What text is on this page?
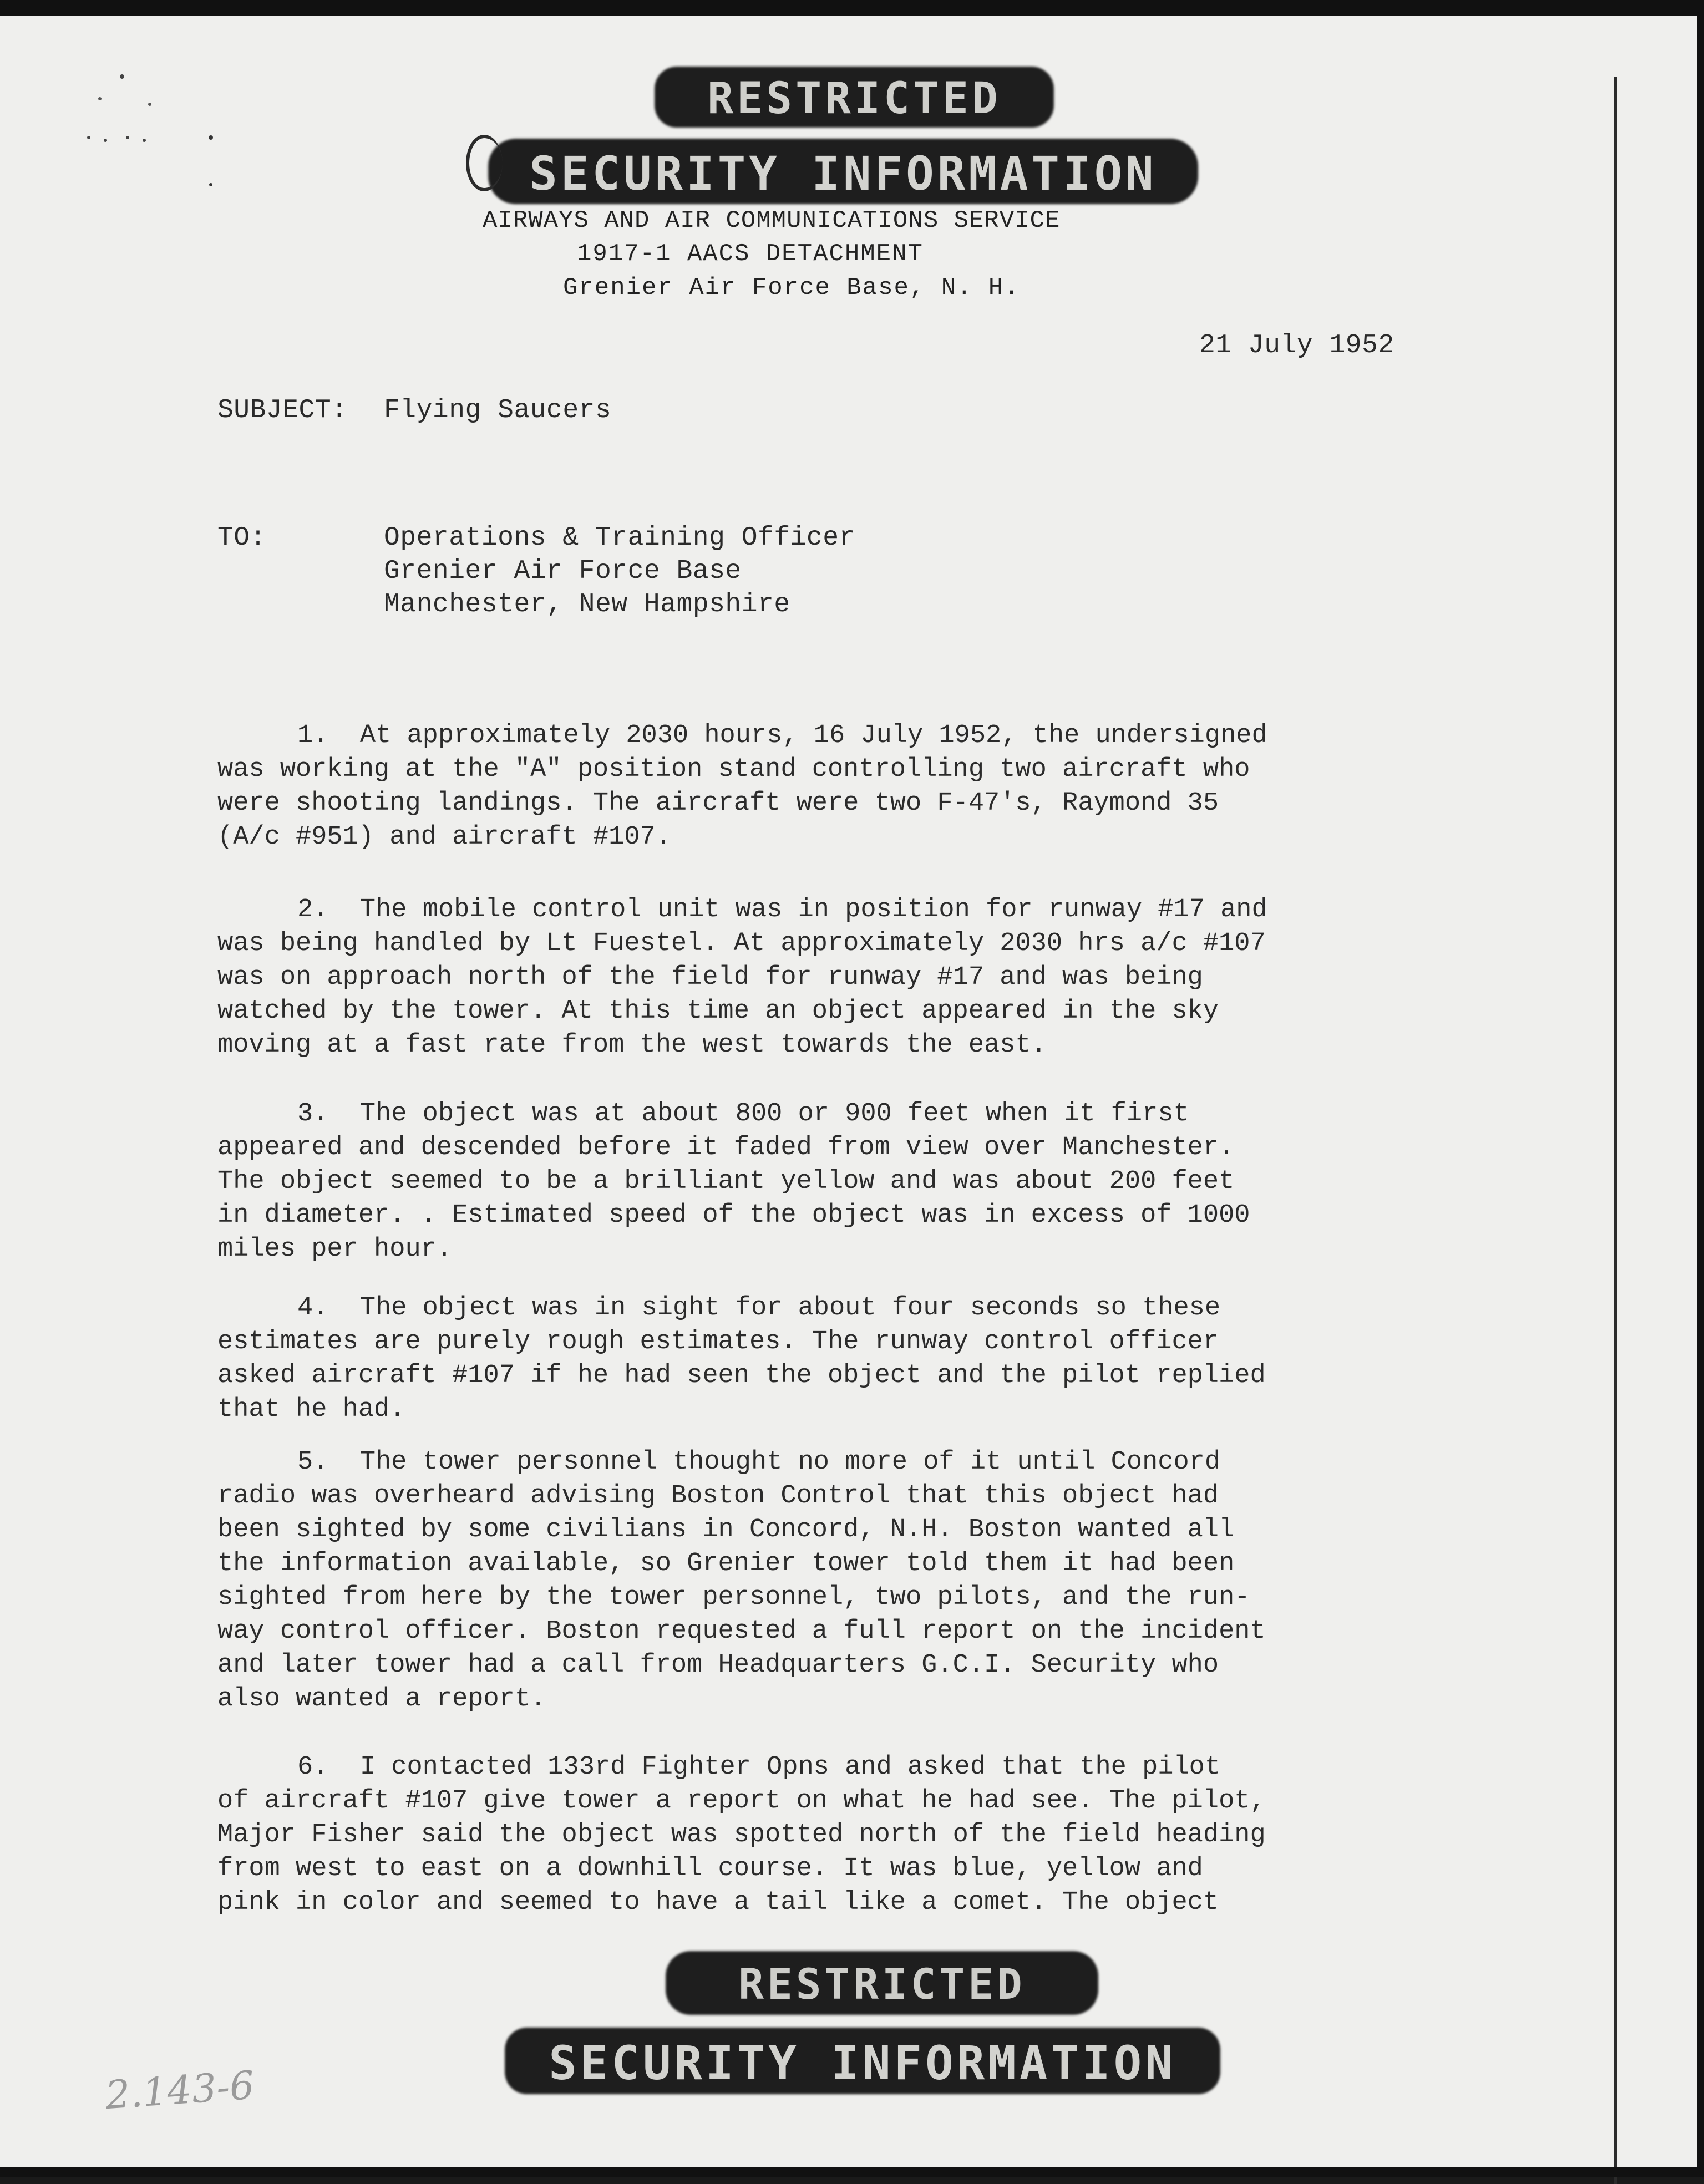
RESTRICTED
SECURITY INFORMATION
AIRWAYS AND AIR COMMUNICATIONS SERVICE
1917-1 AACS DETACHMENT
Grenier Air Force Base, N. H.
21 July 1952
SUBJECT: Flying Saucers
TO:	Operations & Training Officer
Grenier Air Force Base
Manchester, New Hampshire
1. At approximately 2030 hours, 16 July 1952, the undersigned
was working at the "A" position stand controlling two aircraft who
were shooting landings. The aircraft were two F-47's, Raymond 35
(A/c #951) and aircraft #107.
2. The mobile control unit was in position for runway #17 and
was being handled by Lt Fuestel. At approximately 2030 hrs a/c #107
was on approach north of the field for runway #17 and was being
watched by the tower. At this time an object appeared in the sky
moving at a fast rate from the west towards the east.
3. The object was at about 800 or 900 feet when it first
appeared and descended before it faded from view over Manchester.
The object seemed to be a brilliant yellow and was about 200 feet
in diameter. . Estimated speed of the object was in excess of 1000
miles per hour.
4. The object was in sight for about four seconds so these
estimates are purely rough estimates. The runway control officer
asked aircraft #107 if he had seen the object and the pilot replied
that he had.
5. The tower personnel thought no more of it until Concord
radio was overheard advising Boston Control that this object had
been sighted by some civilians in Concord, N.H. Boston wanted all
the information available, so Grenier tower told them it had been
sighted from here by the tower personnel, two pilots, and the run-
way control officer. Boston requested a full report on the incident
and later tower had a call from Headquarters G.C.I. Security who
also wanted a report.
6. I contacted 133rd Fighter Opns and asked that the pilot
of aircraft #107 give tower a report on what he had see. The pilot,
Major Fisher said the object was spotted north of the field heading
from west to east on a downhill course. It was blue, yellow and
pink in color and seemed to have a tail like a comet. The object
RESTRICTED
SECURITY INFORMATION
2.143-6
